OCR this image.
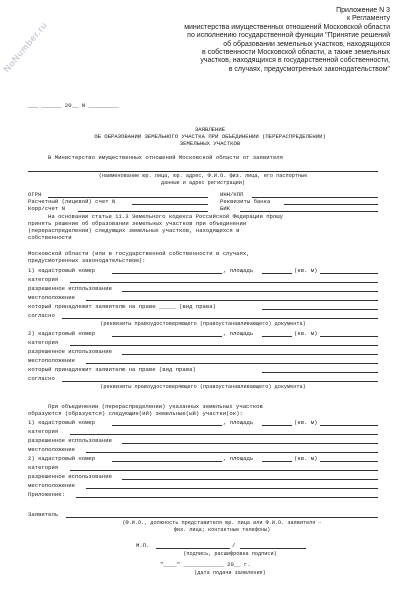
NoNumber.ru
Приложение N 3
к Регламенту
министерства имущественных отношений Московской области
по исполнению государственной функции "Принятие решений
об образовании земельных участков, находящихся
в собственности Московской области, а также земельных
участков, находящихся в государственной собственности,
в случаях, предусмотренных законодательством"
___ ______ 20__ N _________
ЗАЯВЛЕНИЕ
ОБ ОБРАЗОВАНИИ ЗЕМЕЛЬНОГО УЧАСТКА ПРИ ОБЪЕДИНЕНИИ (ПЕРЕРАСПРЕДЕЛЕНИИ)
ЗЕМЕЛЬНЫХ УЧАСТКОВ
В Министерство имущественных отношений Московской области от заявителя
(наименование юр. лица, юр. адрес, Ф.И.О. физ. лица, его паспортные
данные и адрес регистрации)
ОГРН	ИНН/КПП
Расчетный (лицевой) счет N	Реквизиты банка
Корр/счет N	БИК
На основании статьи 11.3 Земельного кодекса Российской Федерации прошу
принять решение об образовании земельных участков при объединении
(перераспределении) следующих земельных участков, находящихся в
собственности
Московской области (или в государственной собственности в случаях,
предусмотренных законодательством):
1) кадастровый номер	, площадь	(кв. м)
категория
разрешенное использование
местоположение
который принадлежит заявителю на праве _____ (вид права)
согласно
(реквизиты правоудостоверяющего (правоустанавливающего) документа)
2) кадастровый номер	, площадь	(кв. м)
категория
разрешенное использование
местоположение
который принадлежит заявителю на праве (вид права)
согласно
(реквизиты правоудостоверяющего (правоустанавливающего) документа)
При объединении (перераспределении) указанных земельных участков
образуются (образуется) следующие(ий) земельные(ый) участки(ок):
1) кадастровый номер	, площадь	(кв. м)
категория
разрешенное использование
местоположение
2) кадастровый номер	, площадь	(кв. м)
категория
разрешенное использование
местоположение
Приложение:
Заявитель
(Ф.И.О., должность представителя юр. лица или Ф.И.О. заявителя -
физ. лица; контактные телефоны)
М.П.	/
(подпись, расшифровка подписи)
"____" ____________ 20__ г.
(дата подачи заявления)
